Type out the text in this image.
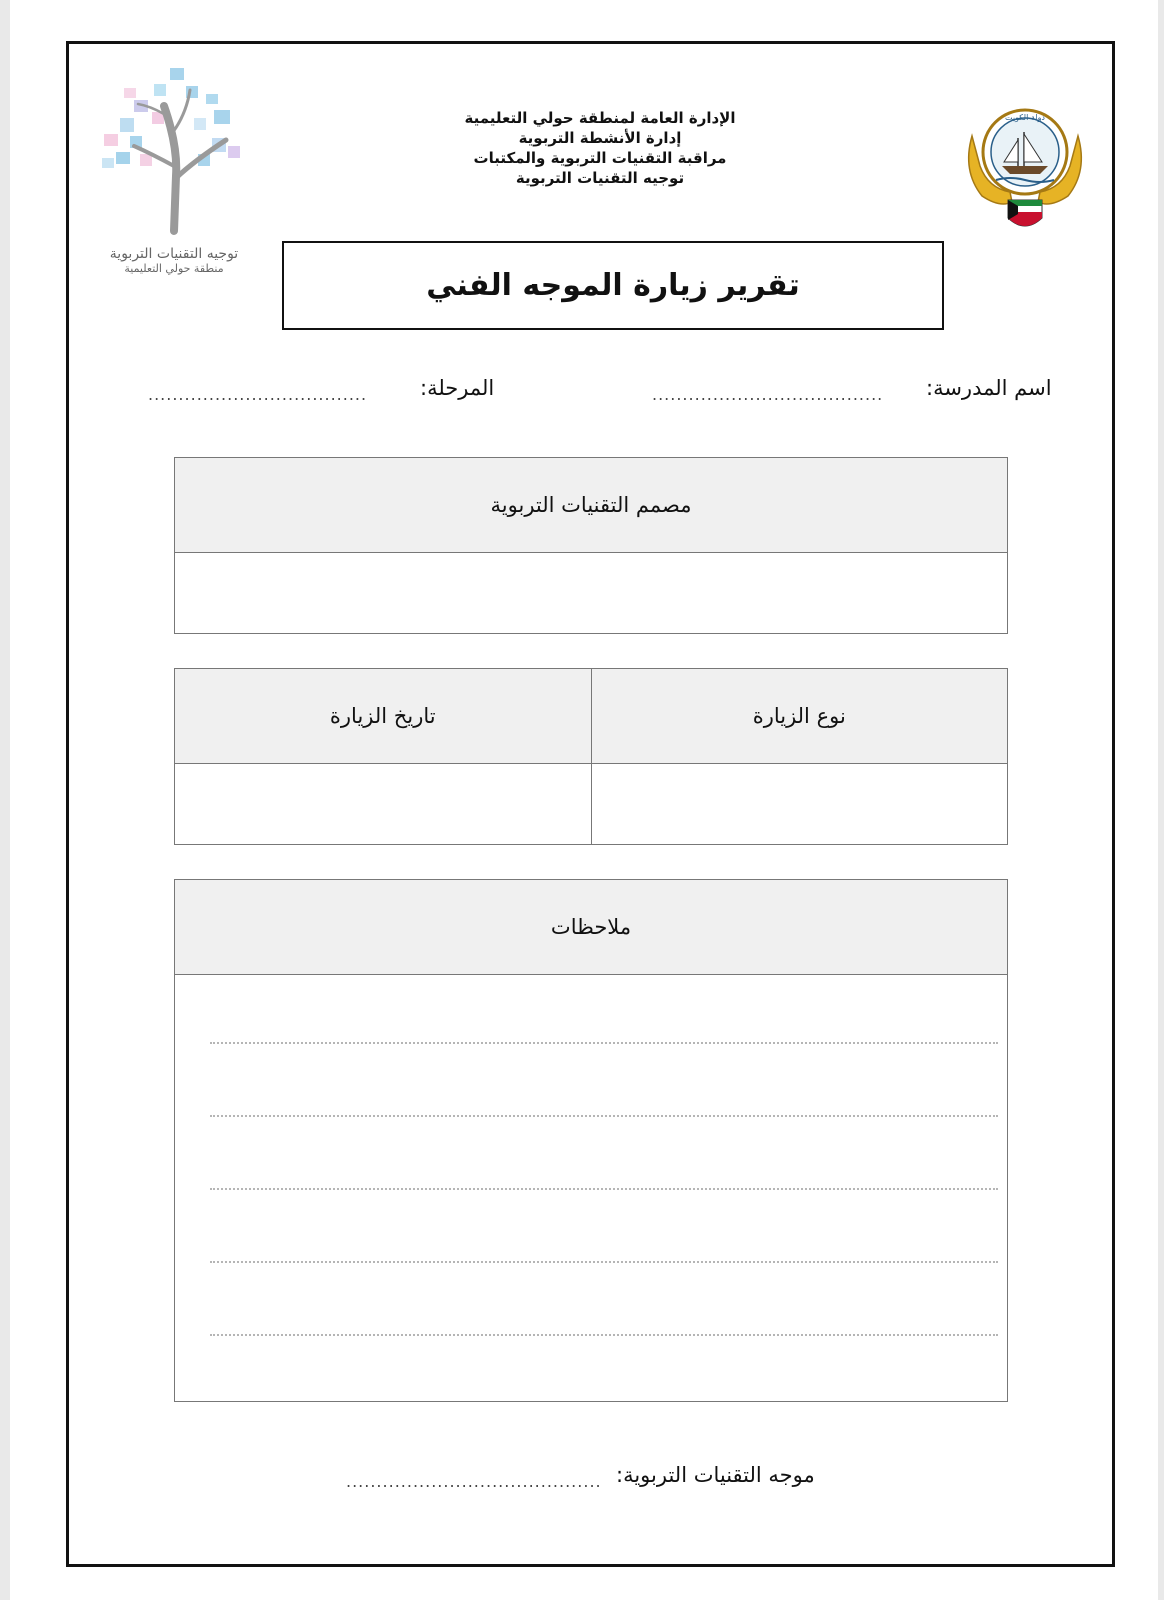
توجيه التقنيات التربوية
منطقة حولي التعليمية
الإدارة العامة لمنطقة حولي التعليمية
إدارة الأنشطة التربوية
مراقبة التقنيات التربوية والمكتبات
توجيه التقنيات التربوية
دولة الكويت
تقرير زيارة الموجه الفني
اسم المدرسة:
......................................
المرحلة:
....................................
مصمم التقنيات التربوية

نوع الزيارة	تاريخ الزيارة

ملاحظات

موجه التقنيات التربوية:
..........................................
